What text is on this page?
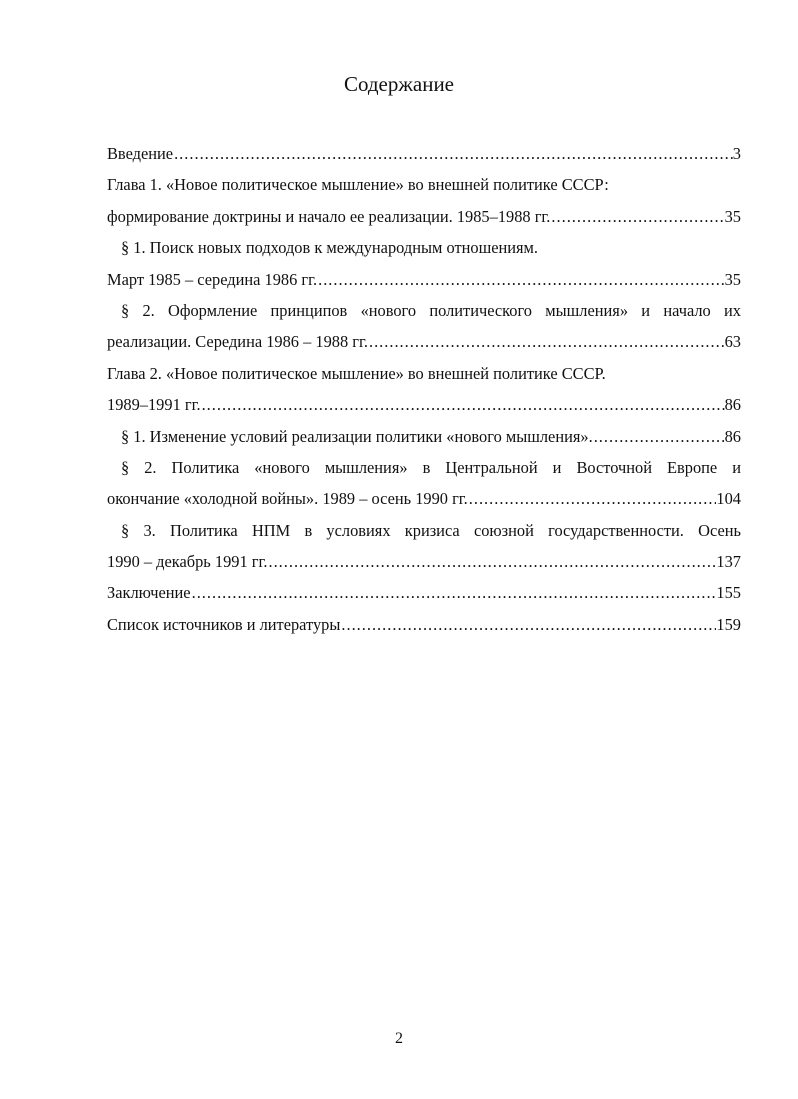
Содержание
Введение .....	3
Глава 1. «Новое политическое мышление» во внешней политике СССР:
формирование доктрины и начало ее реализации. 1985–1988 гг. .....	35
§ 1. Поиск новых подходов к международным отношениям.
Март 1985 – середина 1986 гг. .....	35
§ 2. Оформление принципов «нового политического мышления» и начало их
реализации. Середина 1986 – 1988 гг. .....	63
Глава 2. «Новое политическое мышление» во внешней политике СССР.
1989–1991 гг. .....	86
§ 1. Изменение условий реализации политики «нового мышления». .....	86
§ 2. Политика «нового мышления» в Центральной и Восточной Европе и
окончание «холодной войны». 1989 – осень 1990 гг. .....	104
§ 3. Политика НПМ в условиях кризиса союзной государственности. Осень
1990 – декабрь 1991 гг. .....	137
Заключение .....	155
Список источников и литературы .....	159
2
